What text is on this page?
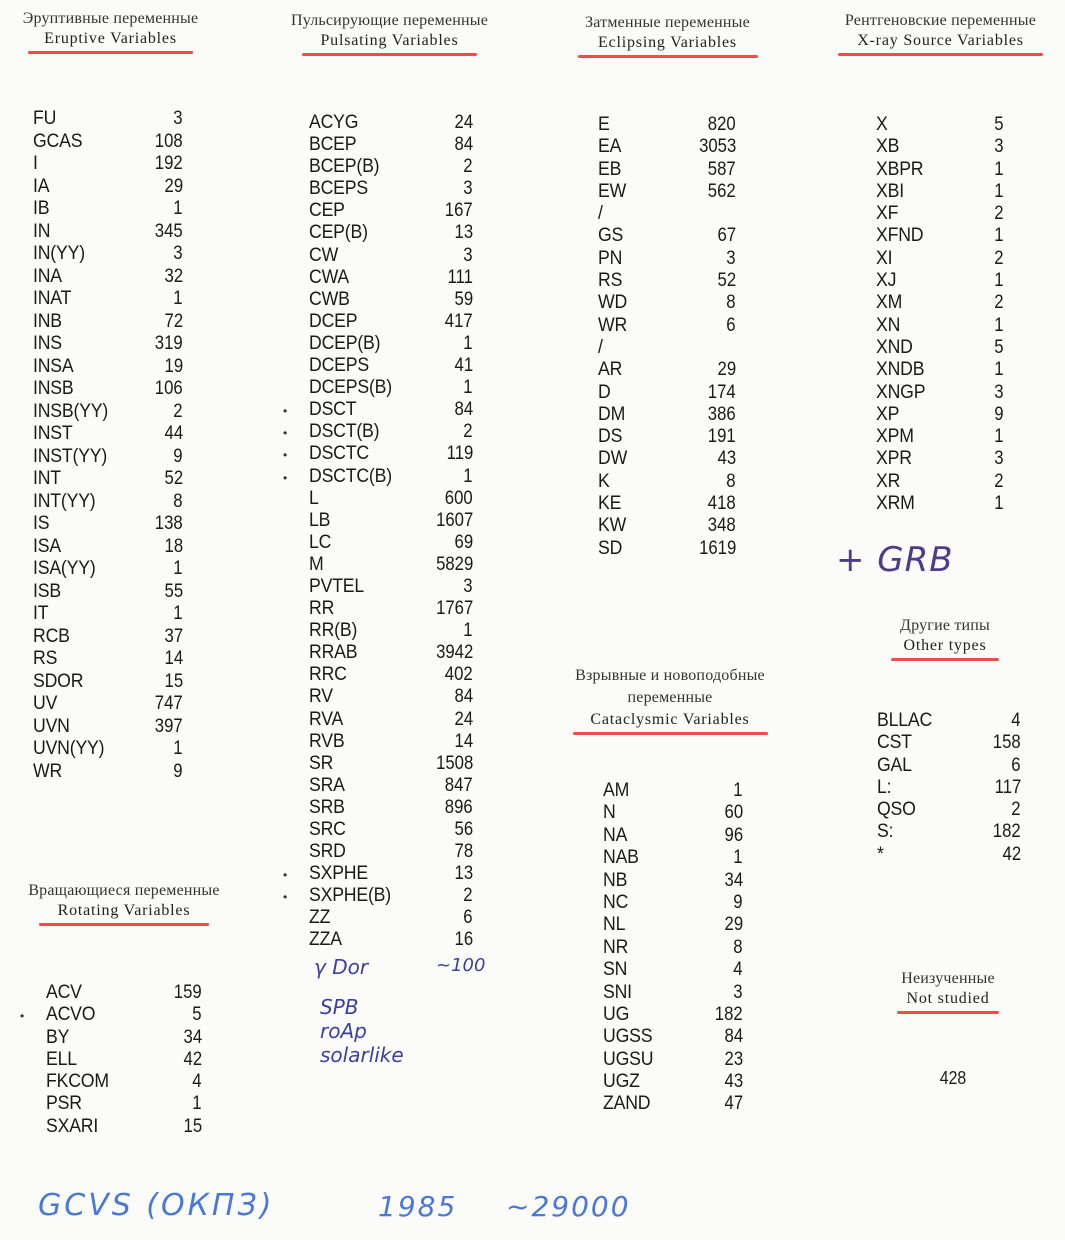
Эруптивные переменные
Eruptive Variables
FU	3
GCAS	108
I	192
IA	29
IB	1
IN	345
IN(YY)	3
INA	32
INAT	1
INB	72
INS	319
INSA	19
INSB	106
INSB(YY)	2
INST	44
INST(YY)	9
INT	52
INT(YY)	8
IS	138
ISA	18
ISA(YY)	1
ISB	55
IT	1
RCB	37
RS	14
SDOR	15
UV	747
UVN	397
UVN(YY)	1
WR	9
Пульсирующие переменные
Pulsating Variables
ACYG	24
BCEP	84
BCEP(B)	2
BCEPS	3
CEP	167
CEP(B)	13
CW	3
CWA	111
CWB	59
DCEP	417
DCEP(B)	1
DCEPS	41
DCEPS(B)	1
• DSCT	84
• DSCT(B)	2
• DSCTC	119
• DSCTC(B)	1
L	600
LB	1607
LC	69
M	5829
PVTEL	3
RR	1767
RR(B)	1
RRAB	3942
RRC	402
RV	84
RVA	24
RVB	14
SR	1508
SRA	847
SRB	896
SRC	56
SRD	78
• SXPHE	13
• SXPHE(B)	2
ZZ	6
ZZA	16
Затменные переменные
Eclipsing Variables
E	820
EA	3053
EB	587
EW	562
/
GS	67
PN	3
RS	52
WD	8
WR	6
/
AR	29
D	174
DM	386
DS	191
DW	43
K	8
KE	418
KW	348
SD	1619
Рентгеновские переменные
X-ray Source Variables
X	5
XB	3
XBPR	1
XBI	1
XF	2
XFND	1
XI	2
XJ	1
XM	2
XN	1
XND	5
XNDB	1
XNGP	3
XP	9
XPM	1
XPR	3
XR	2
XRM	1
Другие типы
Other types
BLLAC	4
CST	158
GAL	6
L:	117
QSO	2
S:	182
*	42
Взрывные и новоподобные переменные
Cataclysmic Variables
AM	1
N	60
NA	96
NAB	1
NB	34
NC	9
NL	29
NR	8
SN	4
SNI	3
UG	182
UGSS	84
UGSU	23
UGZ	43
ZAND	47
Вращающиеся переменные
Rotating Variables
ACV	159
• ACVO	5
BY	34
ELL	42
FKCOM	4
PSR	1
SXARI	15
Неизученные
Not studied
428
+ GRB
γ Dor	~100
SPB
roAp
solarlike
GCVS (ОКПЗ)	1985 ~29000
